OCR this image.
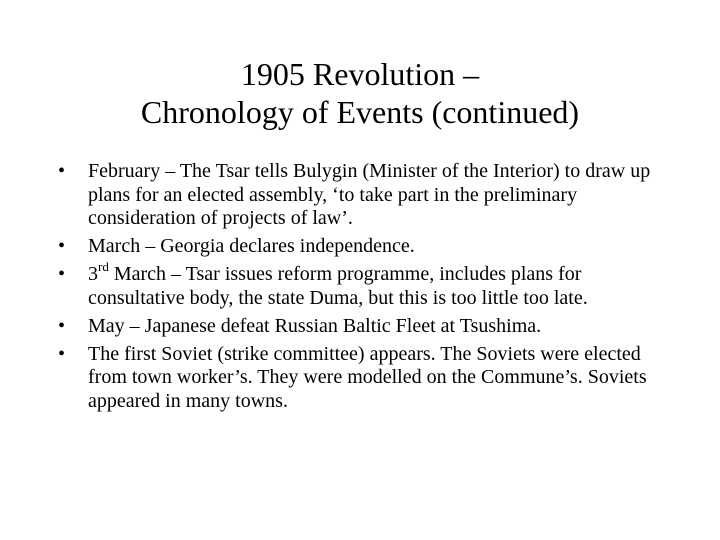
1905 Revolution –
Chronology of Events (continued)
• February – The Tsar tells Bulygin (Minister of the Interior) to draw up plans for an elected assembly, ‘to take part in the preliminary consideration of projects of law’.
• March – Georgia declares independence.
• 3rd March – Tsar issues reform programme, includes plans for consultative body, the state Duma, but this is too little too late.
• May – Japanese defeat Russian Baltic Fleet at Tsushima.
• The first Soviet (strike committee) appears. The Soviets were elected from town worker’s. They were modelled on the Commune’s. Soviets appeared in many towns.
